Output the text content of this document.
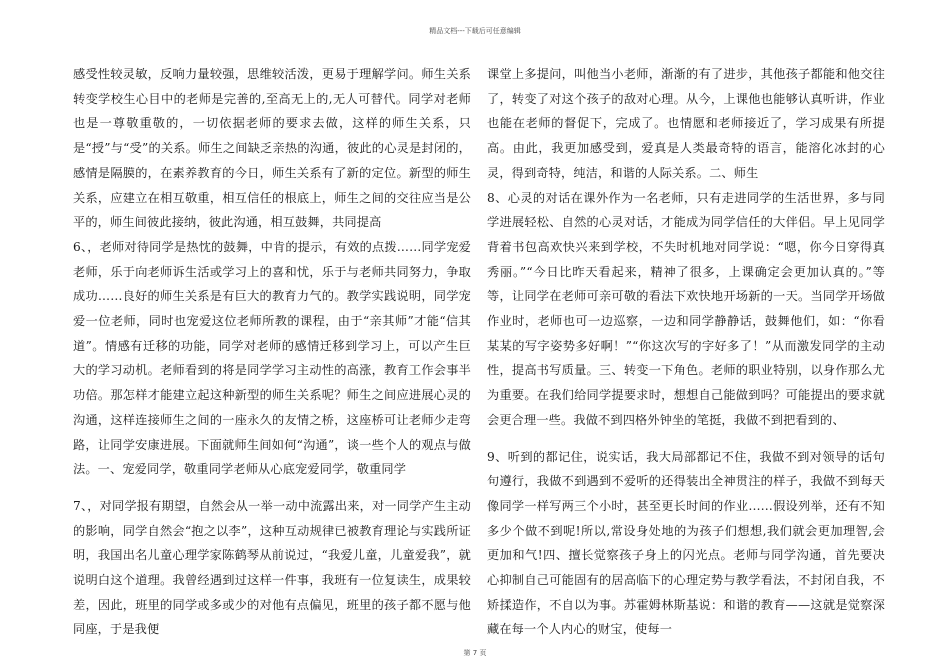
精品文档---下载后可任意编辑

感受性较灵敏，反响力量较强，思维较活泼，更易于理解学问。师生关系转变学校生心目中的老师是完善的,至高无上的,无人可替代。同学对老师也是一尊敬重敬的，一切依据老师的要求去做，这样的师生关系，只是“授”与“受”的关系。师生之间缺乏亲热的沟通，彼此的心灵是封闭的，感情是隔膜的，在素养教育的今日，师生关系有了新的定位。新型的师生关系，应建立在相互敬重，相互信任的根底上，师生之间的交往应当是公平的，师生间彼此接纳，彼此沟通，相互鼓舞，共同提高

6、，老师对待同学是热忱的鼓舞，中肯的提示，有效的点拨……同学宠爱老师，乐于向老师诉生活或学习上的喜和忧，乐于与老师共同努力，争取成功……良好的师生关系是有巨大的教育力气的。教学实践说明，同学宠爱一位老师，同时也宠爱这位老师所教的课程，由于“亲其师”才能“信其道”。情感有迁移的功能，同学对老师的感情迁移到学习上，可以产生巨大的学习动机。老师看到的将是同学学习主动性的高涨，教育工作会事半功倍。那怎样才能建立起这种新型的师生关系呢？师生之间应进展心灵的沟通，这样连接师生之间的一座永久的友情之桥，这座桥可让老师少走弯路，让同学安康进展。下面就师生间如何“沟通”，谈一些个人的观点与做法。一、宠爱同学，敬重同学老师从心底宠爱同学，敬重同学

7、，对同学报有期望，自然会从一举一动中流露出来，对一同学产生主动的影响，同学自然会“抱之以李”，这种互动规律已被教育理论与实践所证明，我国出名儿童心理学家陈鹤琴从前说过，“我爱儿童，儿童爱我”，就说明白这个道理。我曾经遇到过这样一件事，我班有一位复读生，成果较差，因此，班里的同学或多或少的对他有点偏见，班里的孩子都不愿与他同座，于是我便

课堂上多提问，叫他当小老师，渐渐的有了进步，其他孩子都能和他交往了，转变了对这个孩子的敌对心理。从今，上课他也能够认真听讲，作业也能在老师的督促下，完成了。也情愿和老师接近了，学习成果有所提高。由此，我更加感受到，爱真是人类最奇特的语言，能溶化冰封的心灵，得到奇特，纯洁，和谐的人际关系。二、师生

8、心灵的对话在课外作为一名老师，只有走进同学的生活世界，多与同学进展轻松、自然的心灵对话，才能成为同学信任的大伴侣。早上见同学背着书包高欢快兴来到学校，不失时机地对同学说：“嗯，你今日穿得真秀丽。”“今日比昨天看起来，精神了很多，上课确定会更加认真的。”等等，让同学在老师可亲可敬的看法下欢快地开场新的一天。当同学开场做作业时，老师也可一边巡察，一边和同学静静话，鼓舞他们，如：“你看某某的写字姿势多好啊！”“你这次写的字好多了！”从而激发同学的主动性，提高书写质量。三、转变一下角色。老师的职业特别，以身作那么尤为重要。在我们给同学提要求时，想想自己能做到吗？可能提出的要求就会更合理一些。我做不到四格外钟坐的笔挺，我做不到把看到的、

9、听到的都记住，说实话，我大局部都记不住，我做不到对领导的话句句遵行，我做不到遇到不爱听的还得装出全神贯注的样子，我做不到每天像同学一样写两三个小时，甚至更长时间的作业……假设列举，还有不知多少个做不到呢!所以,常设身处地的为孩子们想想,我们就会更加理智,会更加和气!四、擅长觉察孩子身上的闪光点。老师与同学沟通，首先要决心抑制自己可能固有的居高临下的心理定势与教学看法，不封闭自我，不矫揉造作，不自以为事。苏霍姆林斯基说：和谐的教育——这就是觉察深藏在每一个人内心的财宝，使每一

第 7 页
